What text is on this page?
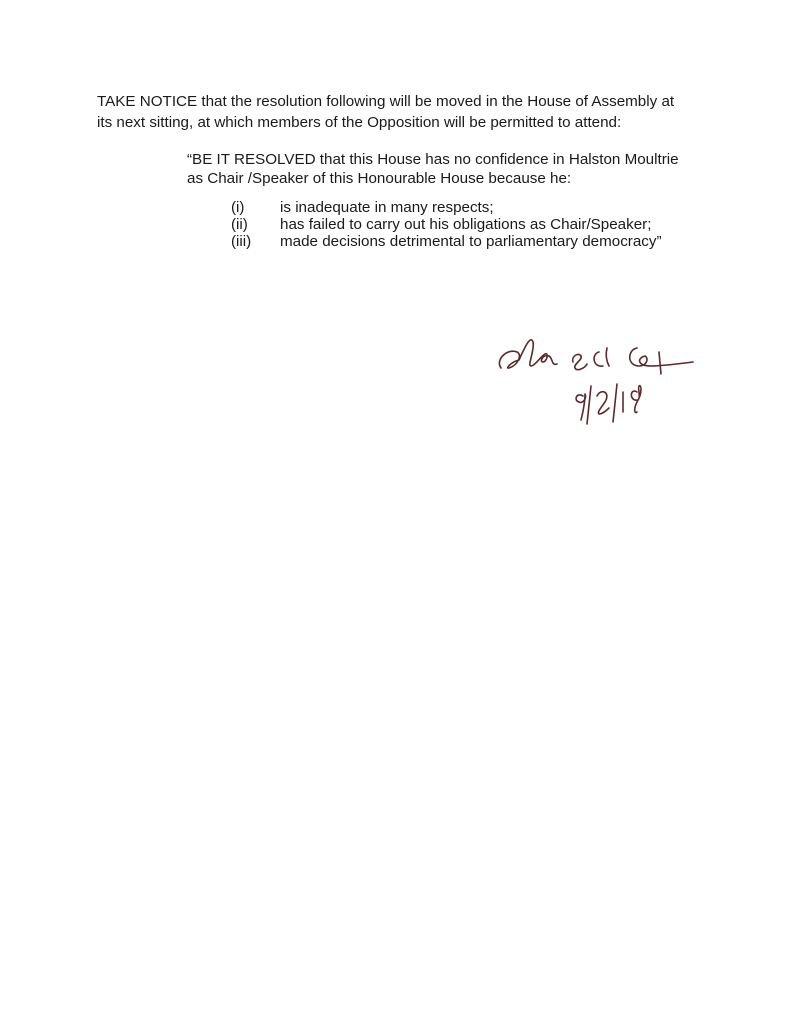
TAKE NOTICE that the resolution following will be moved in the House of Assembly at
its next sitting, at which members of the Opposition will be permitted to attend:

“BE IT RESOLVED that this House has no confidence in Halston Moultrie
as Chair /Speaker of this Honourable House because he:

(i)	is inadequate in many respects;
(ii)	has failed to carry out his obligations as Chair/Speaker;
(iii)	made decisions detrimental to parliamentary democracy”
